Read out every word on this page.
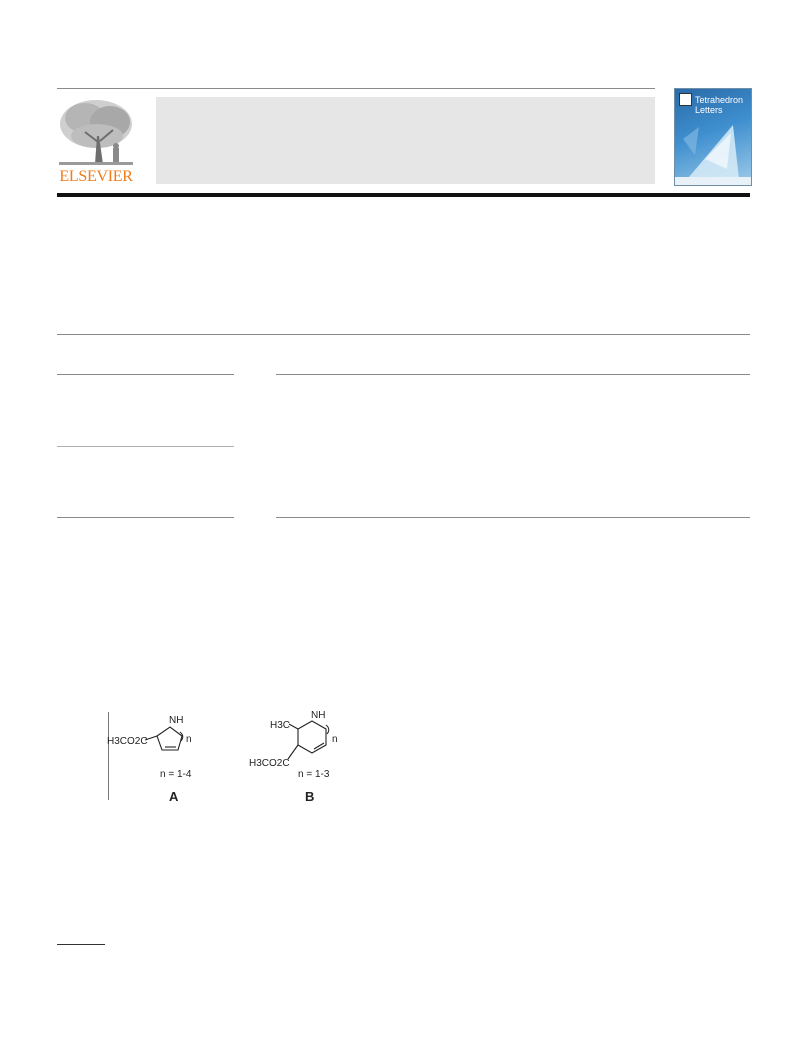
ELSEVIER
Tetrahedron
Letters
H3CO2C
NH
n
n = 1-4
A
H3C
NH
n
H3CO2C
n = 1-3
B
